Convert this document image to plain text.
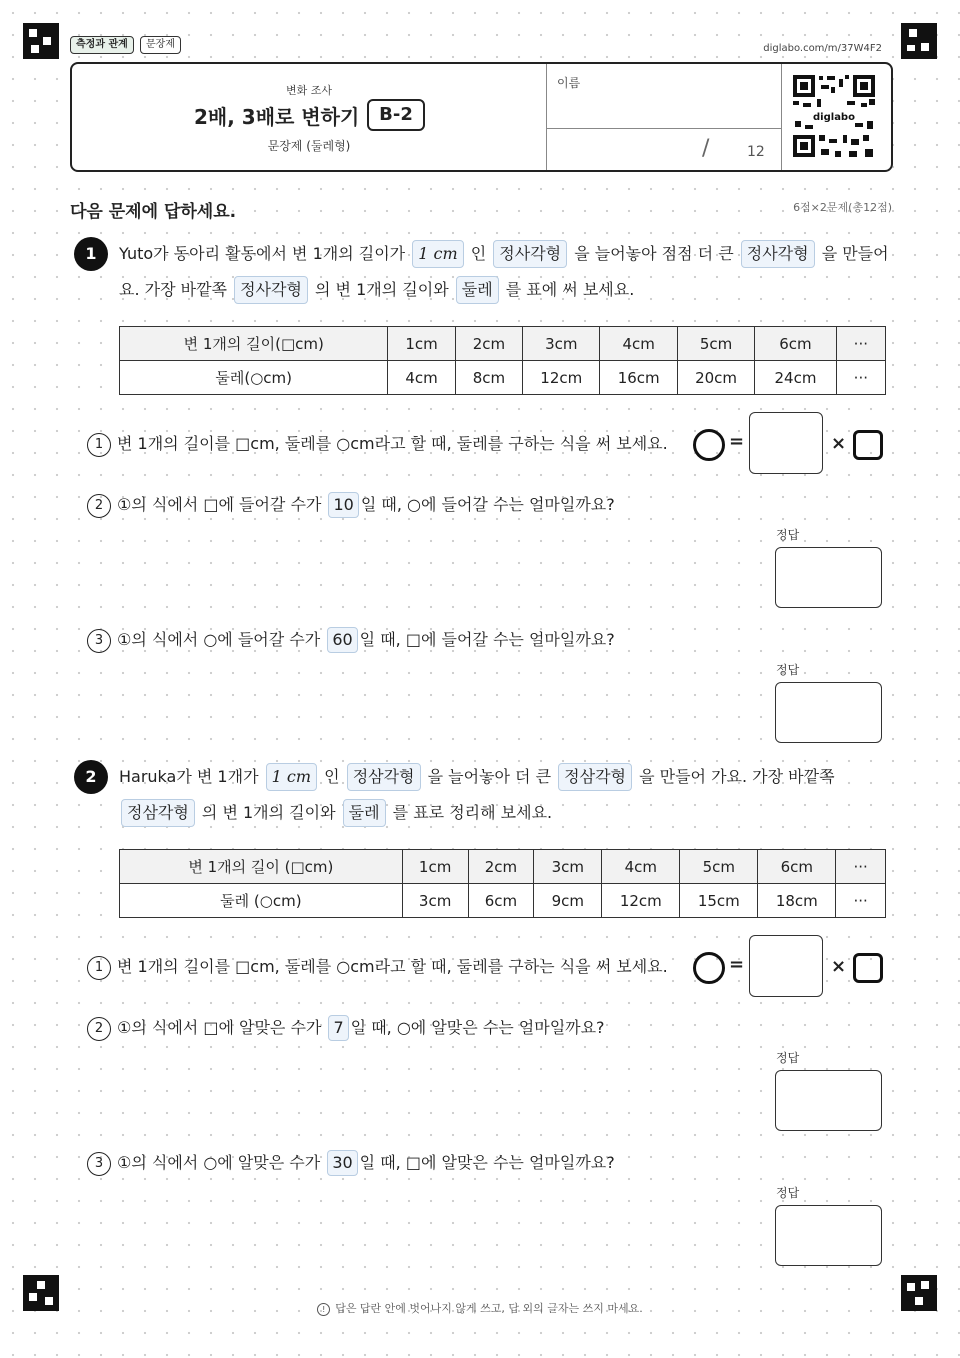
측정과 관계	문장제	diglabo.com/m/37W4F2
변화 조사
2배, 3배로 변하기	B-2
문장제 (둘레형)
이름
/	12
diglabo
다음 문제에 답하세요.	6점×2문제(총12점)
1	Yuto가 동아리 활동에서 변 1개의 길이가 1 cm 인 정사각형 을 늘어놓아 점점 더 큰 정사각형 을 만들어
요. 가장 바깥쪽 정사각형 의 변 1개의 길이와 둘레 를 표에 써 보세요.
변 1개의 길이(□cm)	1cm	2cm	3cm	4cm	5cm	6cm	···
둘레(○cm)	4cm	8cm	12cm	16cm	20cm	24cm	···
1 변 1개의 길이를 □cm, 둘레를 ○cm라고 할 때, 둘레를 구하는 식을 써 보세요.	=	×
2 ①의 식에서 □에 들어갈 수가 10 일 때, ○에 들어갈 수는 얼마일까요?
정답
3 ①의 식에서 ○에 들어갈 수가 60 일 때, □에 들어갈 수는 얼마일까요?
정답
2	Haruka가 변 1개가 1 cm 인 정삼각형 을 늘어놓아 더 큰 정삼각형 을 만들어 가요. 가장 바깥쪽
정삼각형 의 변 1개의 길이와 둘레 를 표로 정리해 보세요.
변 1개의 길이 (□cm)	1cm	2cm	3cm	4cm	5cm	6cm	···
둘레 (○cm)	3cm	6cm	9cm	12cm	15cm	18cm	···
1 변 1개의 길이를 □cm, 둘레를 ○cm라고 할 때, 둘레를 구하는 식을 써 보세요.	=	×
2 ①의 식에서 □에 알맞은 수가 7 일 때, ○에 알맞은 수는 얼마일까요?
정답
3 ①의 식에서 ○에 알맞은 수가 30 일 때, □에 알맞은 수는 얼마일까요?
정답
! 답은 답란 안에 벗어나지 않게 쓰고, 답 외의 글자는 쓰지 마세요.
